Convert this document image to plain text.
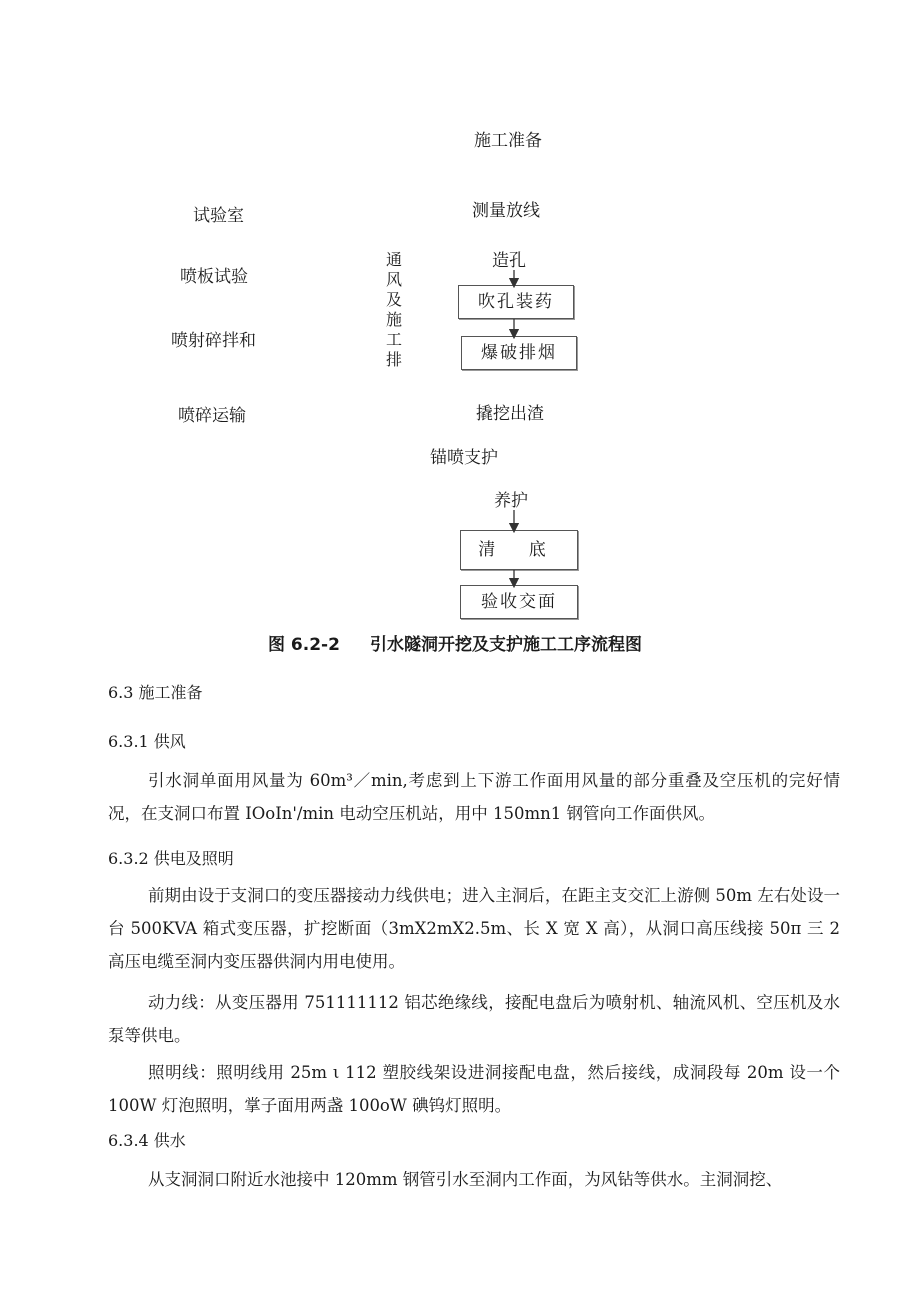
施工准备
测量放线
造孔
吹孔装药
爆破排烟
撬挖出渣
锚喷支护
养护
清 底
验收交面
试验室
喷板试验
喷射碎拌和
喷碎运输
通风及施工排
图 6.2-2 引水隧洞开挖及支护施工工序流程图
6.3 施工准备
6.3.1 供风
引水洞单面用风量为 60m³／min,考虑到上下游工作面用风量的部分重叠及空压机的完好情况，在支洞口布置 IOoIn'/min 电动空压机站，用中 150mn1 钢管向工作面供风。
6.3.2 供电及照明
前期由设于支洞口的变压器接动力线供电；进入主洞后，在距主支交汇上游侧 50m 左右处设一台 500KVA 箱式变压器，扩挖断面（3mX2mX2.5m、长 X 宽 X 高），从洞口高压线接 50π 三 2 高压电缆至洞内变压器供洞内用电使用。
动力线：从变压器用 751111112 铝芯绝缘线，接配电盘后为喷射机、轴流风机、空压机及水泵等供电。
照明线：照明线用 25m ι 112 塑胶线架设进洞接配电盘，然后接线，成洞段每 20m 设一个 100W 灯泡照明，掌子面用两盏 100oW 碘钨灯照明。
6.3.4 供水
从支洞洞口附近水池接中 120mm 钢管引水至洞内工作面，为风钻等供水。主洞洞挖、
